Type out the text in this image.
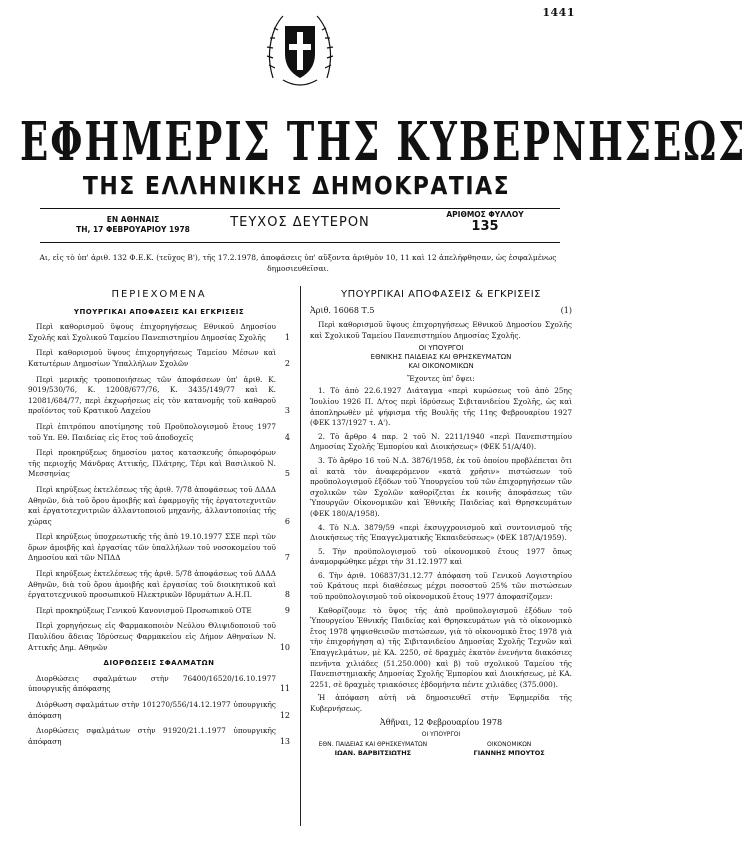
1441
ΕΦΗΜΕΡΙΣ ΤΗΣ ΚΥΒΕΡΝΗΣΕΩΣ
ΤΗΣ ΕΛΛΗΝΙΚΗΣ ΔΗΜΟΚΡΑΤΙΑΣ
ΕΝ ΑΘΗΝΑΙΣ
ΤΗ, 17 ΦΕΒΡΟΥΑΡΙΟΥ 1978	ΤΕΥΧΟΣ ΔΕΥΤΕΡΟΝ
ΑΡΙΘΜΟΣ ΦΥΛΛΟΥ
135
Αι, εἰς τὸ ὑπ' ἀριθ. 132 Φ.Ε.Κ. (τεῦχος Β'), τῆς 17.2.1978, ἀποφάσεις ὑπ' αὔξοντα ἀριθμὸν 10, 11 καὶ 12 ἀπελήφθησαν, ὡς ἐσφαλμένως δημοσιευθεῖσαι.
ΠΕΡΙΕΧΟΜΕΝΑ
ΥΠΟΥΡΓΙΚΑΙ ΑΠΟΦΑΣΕΙΣ ΚΑΙ ΕΓΚΡΙΣΕΙΣ
Περὶ καθορισμοῦ ὕψους ἐπιχορηγήσεως Εθνικοῦ Δημοσίου Σχολῆς καὶ Σχολικοῦ Ταμείου Πανεπιστημίου Δημοσίας Σχολῆς	1
Περὶ καθορισμοῦ ὕψους ἐπιχορηγήσεως Ταμείου Μέσων καὶ Κατωτέρων Δημοσίων Ὑπαλλήλων Σχολῶν	2
Περὶ μερικῆς τροποποιήσεως τῶν ἀποφάσεων ὑπ' ἀριθ. Κ. 9019/530/76, Κ. 12008/677/76, Κ. 3435/149/77 καὶ Κ. 12081/684/77, περὶ ἐκχωρήσεως εἰς τὸν κατανομῆς τοῦ καθαροῦ προϊόντος τοῦ Κρατικοῦ Λαχείου	3
Περὶ ἐπιτρόπου αποτίμησης τοῦ Προϋπολογισμοῦ ἔτους 1977 τοῦ Υπ. Εθ. Παιδείας εἰς ἕτος τοῦ ἀποδοχεῖς	4
Περὶ προκηρύξεως δημοσίου ματος κατασκευῆς ὁπωροφόρων τῆς περιοχῆς Μάνδρας Αττικῆς, Πλάτρης, Τέρι καὶ Βασιλικοῦ Ν. Μεσσηνίας	5
Περὶ κηρύξεως ἐκτελέσεως τῆς ἀριθ. 7/78 ἀποφάσεως τοῦ ΔΔΔΔ Αθηνῶν, διὰ τοῦ ὅρου ἀμοιβῆς καὶ ἐφαρμογῆς τῆς ἐργατοτεχνιτῶν καὶ ἐργατοτεχνιτριῶν ἀλλαντοποιοῦ μηχανῆς, ἀλλαντοποιίας τῆς χώρας	6
Περὶ κηρύξεως ὑποχρεωτικῆς τῆς ἀπὸ 19.10.1977 ΣΣΕ περὶ τῶν ὅρων ἀμοιβῆς καὶ ἐργασίας τῶν ὑπαλλήλων τοῦ νοσοκομείου τοῦ Δημοσίου καὶ τῶν ΝΠΔΔ	7
Περὶ κηρύξεως ἐκτελέσεως τῆς ἀριθ. 5/78 ἀποφάσεως τοῦ ΔΔΔΔ Αθηνῶν, διὰ τοῦ ὅρου ἀμοιβῆς καὶ ἐργασίας τοῦ διοικητικοῦ καὶ ἐργατοτεχνικοῦ προσωπικοῦ Ηλεκτρικῶν Ιδρυμάτων Α.Η.Π.	8
Περὶ προκηρύξεως Γενικοῦ Κανονισμοῦ Προσωπικοῦ ΟΤΕ	9
Περὶ χορηγήσεως εἰς Φαρμακοποιὸν Νεύλου Θλιψιδοποιοῦ τοῦ Παυλίδου ἄδειας Ἱδρύσεως Φαρμακείου εἰς Δήμον Αθηναίων Ν. Αττικῆς Δημ. Αθηνῶν	10
ΔΙΟΡΘΩΣΕΙΣ ΣΦΑΛΜΑΤΩΝ
Διορθώσεις σφαλμάτων στὴν 76400/16520/16.10.1977 ὑπουργικῆς ἀπόφασης	11
Διόρθωση σφαλμάτων στὴν 101270/556/14.12.1977 ὑπουργικῆς ἀπόφαση	12
Διορθώσεις σφαλμάτων στὴν 91920/21.1.1977 ὑπουργικῆς ἀπόφαση	13
ΥΠΟΥΡΓΙΚΑΙ ΑΠΟΦΑΣΕΙΣ & ΕΓΚΡΙΣΕΙΣ
Ἀριθ. 16068 Τ.5	(1)

Περὶ καθορισμοῦ ὕψους ἐπιχορηγήσεως Εθνικοῦ Δημοσίου Σχολῆς καὶ Σχολικοῦ Ταμείου Πανεπιστημίου Δημοσίας Σχολῆς.

ΟΙ ΥΠΟΥΡΓΟΙ
ΕΘΝΙΚΗΣ ΠΑΙΔΕΙΑΣ ΚΑΙ ΘΡΗΣΚΕΥΜΑΤΩΝ
ΚΑΙ ΟΙΚΟΝΟΜΙΚΩΝ
Ἔχοντες ὑπ' ὄψει:

1. Τὸ ἀπὸ 22.6.1927 Διάταγμα «περὶ κυρώσεως τοῦ ἀπὸ 25ης Ἰουλίου 1926 Π. Δ/τος περὶ ἱδρύσεως Σιβιτανιδείου Σχολῆς, ὡς καὶ ἀποπληρωθὲν μὲ ψήφισμα τῆς Βουλῆς τῆς 11ης Φεβρουαρίου 1927 (ΦΕΚ 137/1927 τ. Α').

2. Τὸ ἄρθρο 4 παρ. 2 τοῦ Ν. 2211/1940 «περὶ Πανεπιστημίου Δημοσίας Σχολῆς Ἐμπορίου καὶ Διοικήσεως» (ΦΕΚ 51/Α/40).

3. Τὸ ἄρθρο 16 τοῦ Ν.Δ. 3876/1958, ἐκ τοῦ ὁποίου προβλέπεται ὅτι αἱ κατὰ τὸν ἀναφερόμενον «κατὰ χρῆσιν» πιστώσεων τοῦ προϋπολογισμοῦ ἐξόδων τοῦ Ὑπουργείου τοῦ τῶν ἐπιχορηγήσεων τῶν σχολικῶν τῶν Σχολῶν καθορίζεται ἐκ κοινῆς ἀποφάσεως τῶν Ὑπουργῶν Οἰκονομικῶν καὶ Ἐθνικῆς Παιδείας καὶ Θρησκευμάτων (ΦΕΚ 180/Α/1958).

4. Τὸ Ν.Δ. 3879/59 «περὶ ἐκσυγχρονισμοῦ καὶ συντονισμοῦ τῆς Διοικήσεως τῆς Ἐπαγγελματικῆς Ἐκπαιδεύσεως» (ΦΕΚ 187/Α/1959).

5. Τὴν προϋπολογισμοῦ τοῦ οἰκονομικοῦ ἔτους 1977 ὅπως ἀναμορφώθηκε μέχρι τὴν 31.12.1977 καὶ

6. Τὴν ἀριθ. 106837/31.12.77 ἀπόφαση τοῦ Γενικοῦ Λογιστηρίου τοῦ Κράτους περὶ διαθέσεως μέχρι ποσοστοῦ 25% τῶν πιστώσεων τοῦ προϋπολογισμοῦ τοῦ οἰκονομικοῦ ἔτους 1977 ἀποφασίζομεν:

Καθορίζουμε τὸ ὕψος τῆς ἀπὸ προϋπολογισμοῦ ἐξόδων τοῦ Ὑπουργείου Ἐθνικῆς Παιδείας καὶ Θρησκευμάτων γιὰ τὸ οἰκονομικὸ ἔτος 1978 ψηφισθεισῶν πιστώσεων, γιὰ τὸ οἰκονομικὸ ἔτος 1978 γιὰ τὴν ἐπιχορήγηση α) τῆς Σιβιτανιδείου Δημοσίας Σχολῆς Τεχνῶν καὶ Ἐπαγγελμάτων, μὲ ΚΑ. 2250, σὲ δραχμὲς ἑκατὸν ἑνενήντα διακόσιες πενῆντα χιλιάδες (51.250.000) καὶ β) τοῦ σχολικοῦ Ταμείου τῆς Πανεπιστημιακῆς Δημοσίας Σχολῆς Ἐμπορίου καὶ Διοικήσεως, μὲ ΚΑ. 2251, σὲ δραχμὲς τριακόσιες ἑβδομήντα πέντε χιλιάδες (375.000).

Ἡ ἀπόφαση αὐτὴ νὰ δημοσιευθεῖ στὴν Ἐφημερίδα τῆς Κυβερνήσεως.

Ἀθῆναι, 12 Φεβρουαρίου 1978
ΟΙ ΥΠΟΥΡΓΟΙ
ΕΘΝ. ΠΑΙΔΕΙΑΣ ΚΑΙ ΘΡΗΣΚΕΥΜΑΤΩΝ
ΙΩΑΝ. ΒΑΡΒΙΤΣΙΩΤΗΣ
ΟΙΚΟΝΟΜΙΚΩΝ
ΓΙΑΝΝΗΣ ΜΠΟΥΤΟΣ
